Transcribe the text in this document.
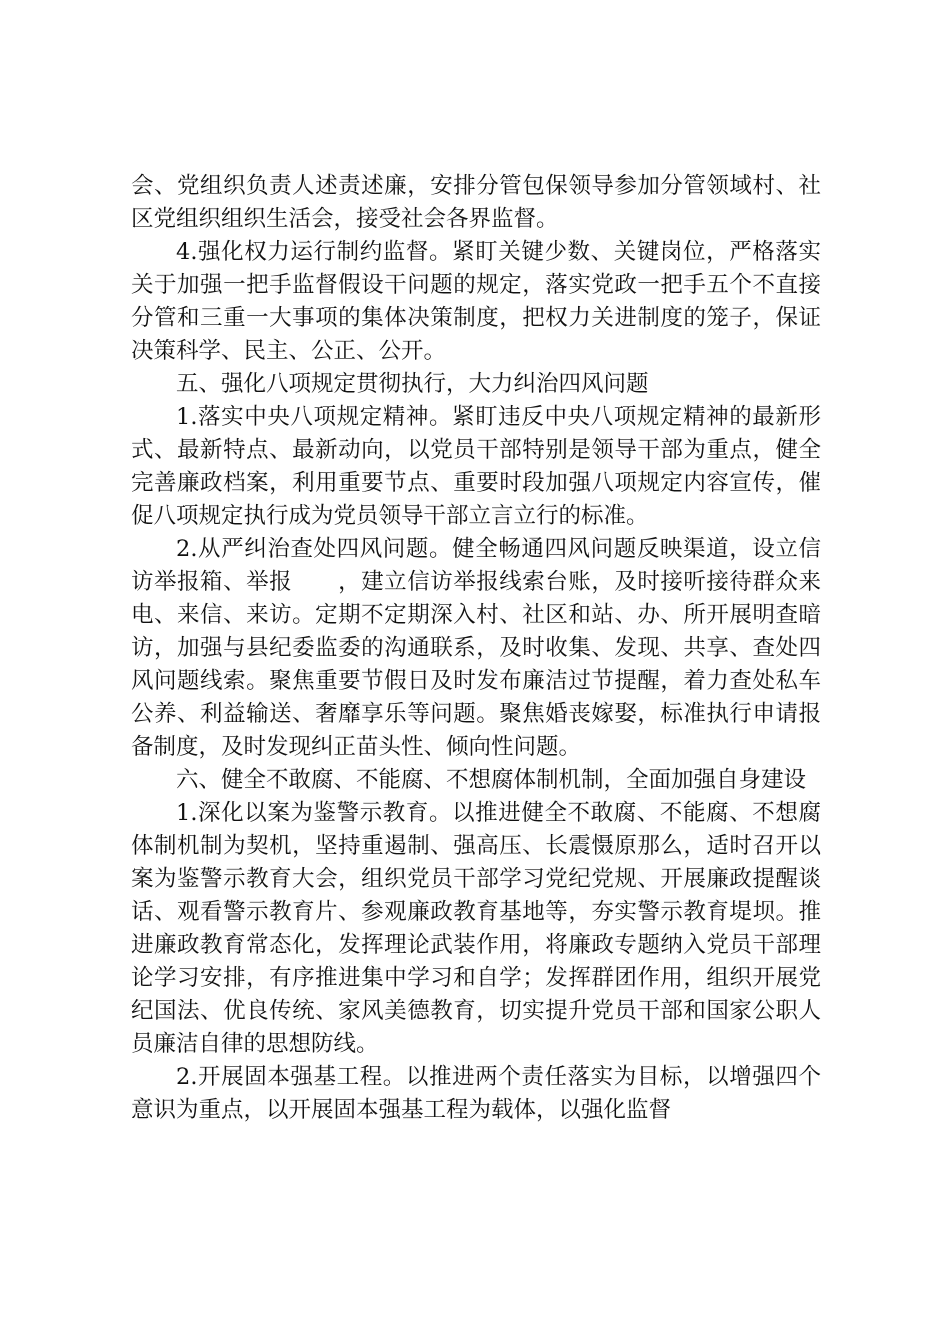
会、党组织负责人述责述廉，安排分管包保领导参加分管领域村、社区党组织组织生活会，接受社会各界监督。

4.强化权力运行制约监督。紧盯关键少数、关键岗位，严格落实关于加强一把手监督假设干问题的规定，落实党政一把手五个不直接分管和三重一大事项的集体决策制度，把权力关进制度的笼子，保证决策科学、民主、公正、公开。

五、强化八项规定贯彻执行，大力纠治四风问题

1.落实中央八项规定精神。紧盯违反中央八项规定精神的最新形式、最新特点、最新动向，以党员干部特别是领导干部为重点，健全完善廉政档案，利用重要节点、重要时段加强八项规定内容宣传，催促八项规定执行成为党员领导干部立言立行的标准。

2.从严纠治查处四风问题。健全畅通四风问题反映渠道，设立信访举报箱、举报　　，建立信访举报线索台账，及时接听接待群众来电、来信、来访。定期不定期深入村、社区和站、办、所开展明查暗访，加强与县纪委监委的沟通联系，及时收集、发现、共享、查处四风问题线索。聚焦重要节假日及时发布廉洁过节提醒，着力查处私车公养、利益输送、奢靡享乐等问题。聚焦婚丧嫁娶，标准执行申请报备制度，及时发现纠正苗头性、倾向性问题。

六、健全不敢腐、不能腐、不想腐体制机制，全面加强自身建设

1.深化以案为鉴警示教育。以推进健全不敢腐、不能腐、不想腐体制机制为契机，坚持重遏制、强高压、长震慑原那么，适时召开以案为鉴警示教育大会，组织党员干部学习党纪党规、开展廉政提醒谈话、观看警示教育片、参观廉政教育基地等，夯实警示教育堤坝。推进廉政教育常态化，发挥理论武装作用，将廉政专题纳入党员干部理论学习安排，有序推进集中学习和自学；发挥群团作用，组织开展党纪国法、优良传统、家风美德教育，切实提升党员干部和国家公职人员廉洁自律的思想防线。

2.开展固本强基工程。以推进两个责任落实为目标，以增强四个意识为重点，以开展固本强基工程为载体，以强化监督
